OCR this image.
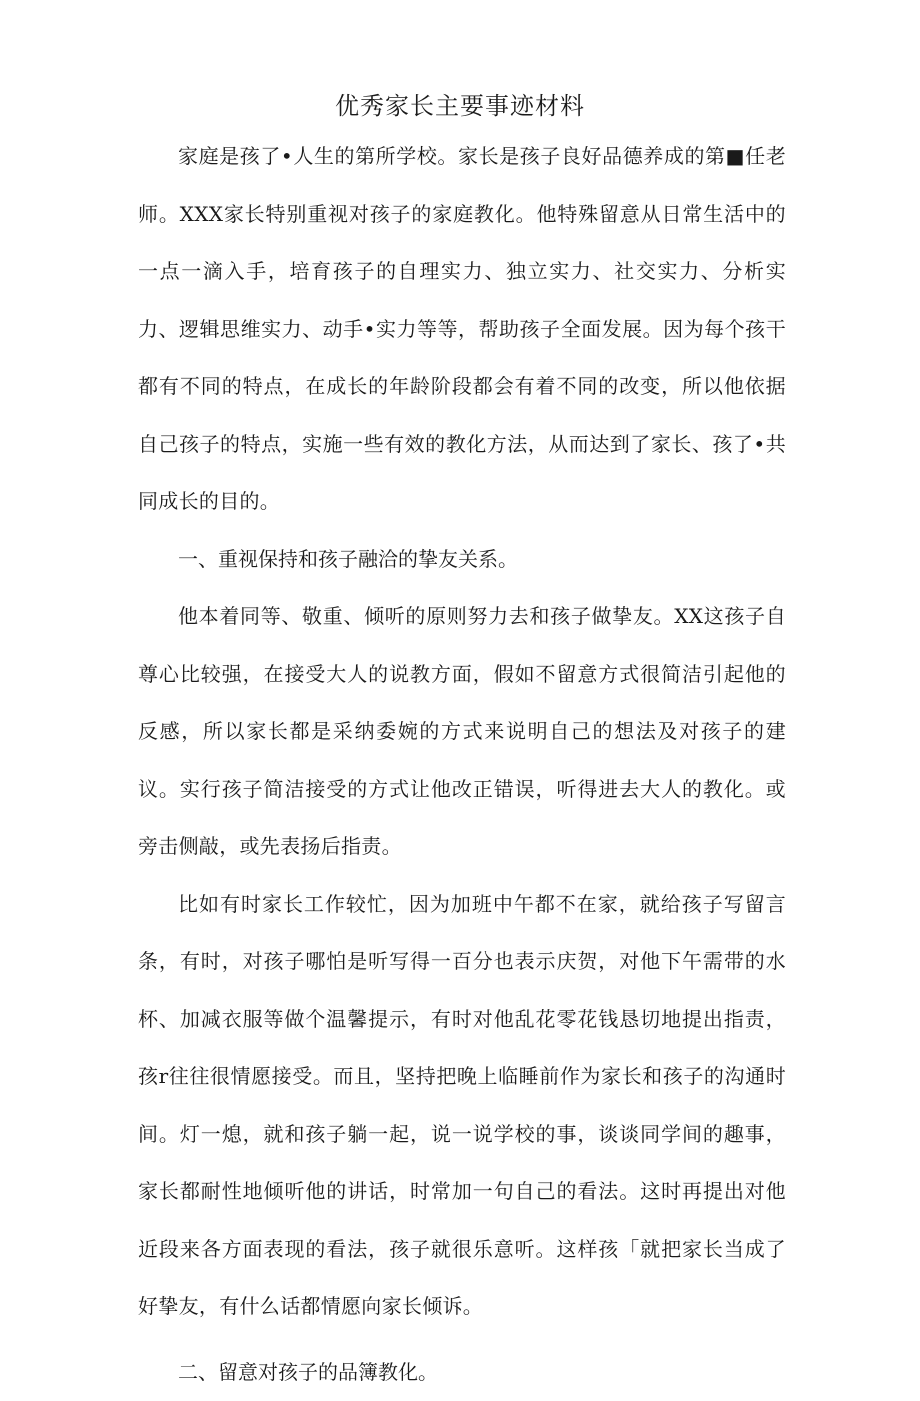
优秀家长主要事迹材料

家庭是孩了•人生的第所学校。家长是孩子良好品德养成的第■任老师。XXX家长特别重视对孩子的家庭教化。他特殊留意从日常生活中的一点一滴入手，培育孩子的自理实力、独立实力、社交实力、分析实力、逻辑思维实力、动手•实力等等，帮助孩子全面发展。因为每个孩干都有不同的特点，在成长的年龄阶段都会有着不同的改变，所以他依据自己孩子的特点，实施一些有效的教化方法，从而达到了家长、孩了•共同成长的目的。

一、重视保持和孩子融洽的挚友关系。

他本着同等、敬重、倾听的原则努力去和孩子做挚友。XX这孩子自尊心比较强，在接受大人的说教方面，假如不留意方式很简洁引起他的反感，所以家长都是采纳委婉的方式来说明自己的想法及对孩子的建议。实行孩子简洁接受的方式让他改正错误，听得进去大人的教化。或旁击侧敲，或先表扬后指责。

比如有时家长工作较忙，因为加班中午都不在家，就给孩子写留言条，有时，对孩子哪怕是听写得一百分也表示庆贺，对他下午需带的水杯、加减衣服等做个温馨提示，有时对他乱花零花钱恳切地提出指责，孩r往往很情愿接受。而且，坚持把晚上临睡前作为家长和孩子的沟通时间。灯一熄，就和孩子躺一起，说一说学校的事，谈谈同学间的趣事，家长都耐性地倾听他的讲话，时常加一句自己的看法。这时再提出对他近段来各方面表现的看法，孩子就很乐意听。这样孩「就把家长当成了好挚友，有什么话都情愿向家长倾诉。

二、留意对孩子的品簿教化。
